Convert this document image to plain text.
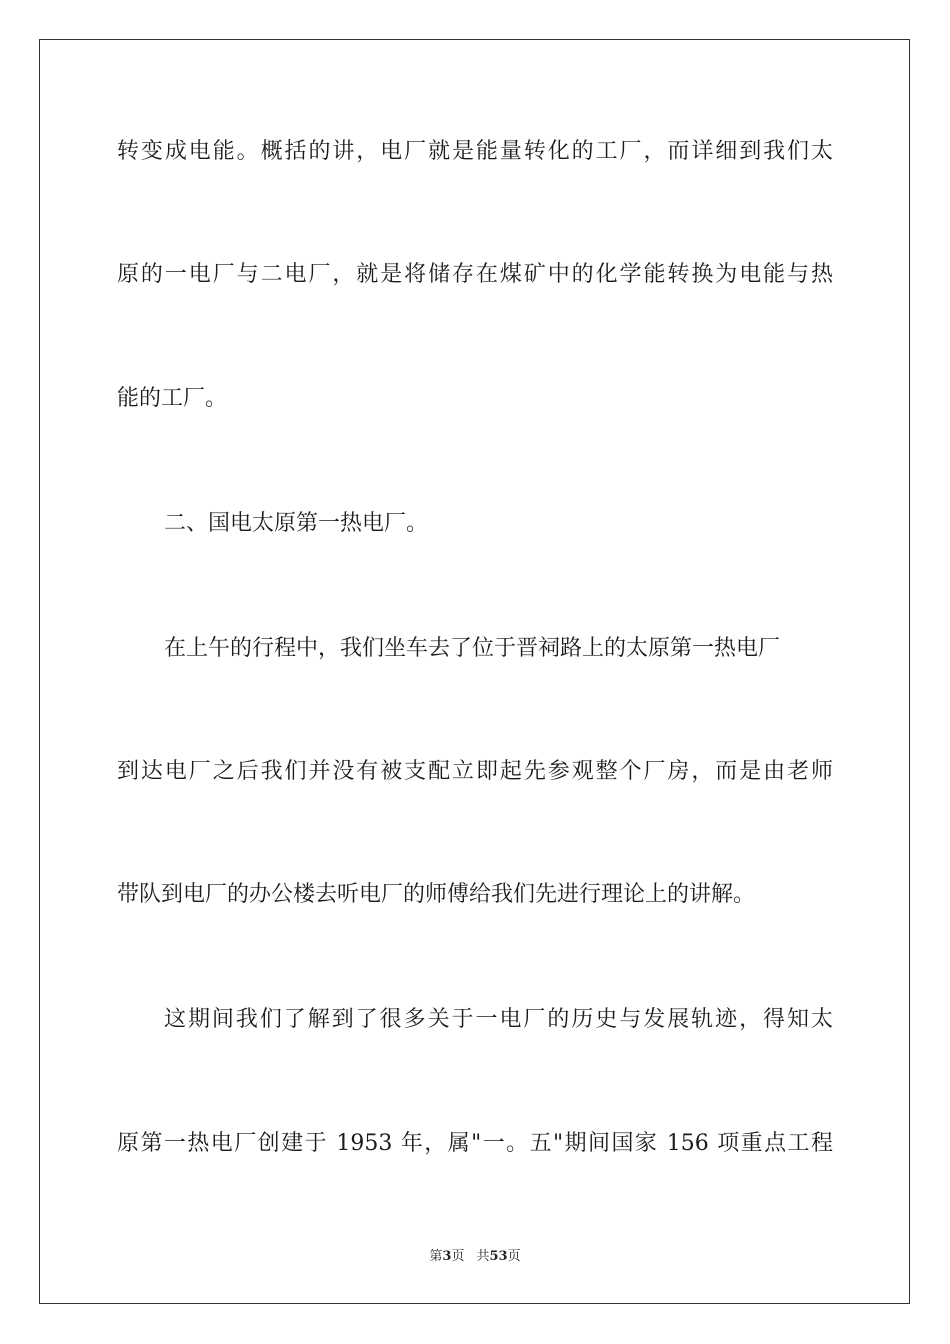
转变成电能。概括的讲，电厂就是能量转化的工厂，而详细到我们太
原的一电厂与二电厂，就是将储存在煤矿中的化学能转换为电能与热
能的工厂。
二、国电太原第一热电厂。
在上午的行程中，我们坐车去了位于晋祠路上的太原第一热电厂
到达电厂之后我们并没有被支配立即起先参观整个厂房，而是由老师
带队到电厂的办公楼去听电厂的师傅给我们先进行理论上的讲解。
这期间我们了解到了很多关于一电厂的历史与发展轨迹，得知太
原第一热电厂创建于 1953 年，属"一。五"期间国家 156 项重点工程
第3页 共53页
